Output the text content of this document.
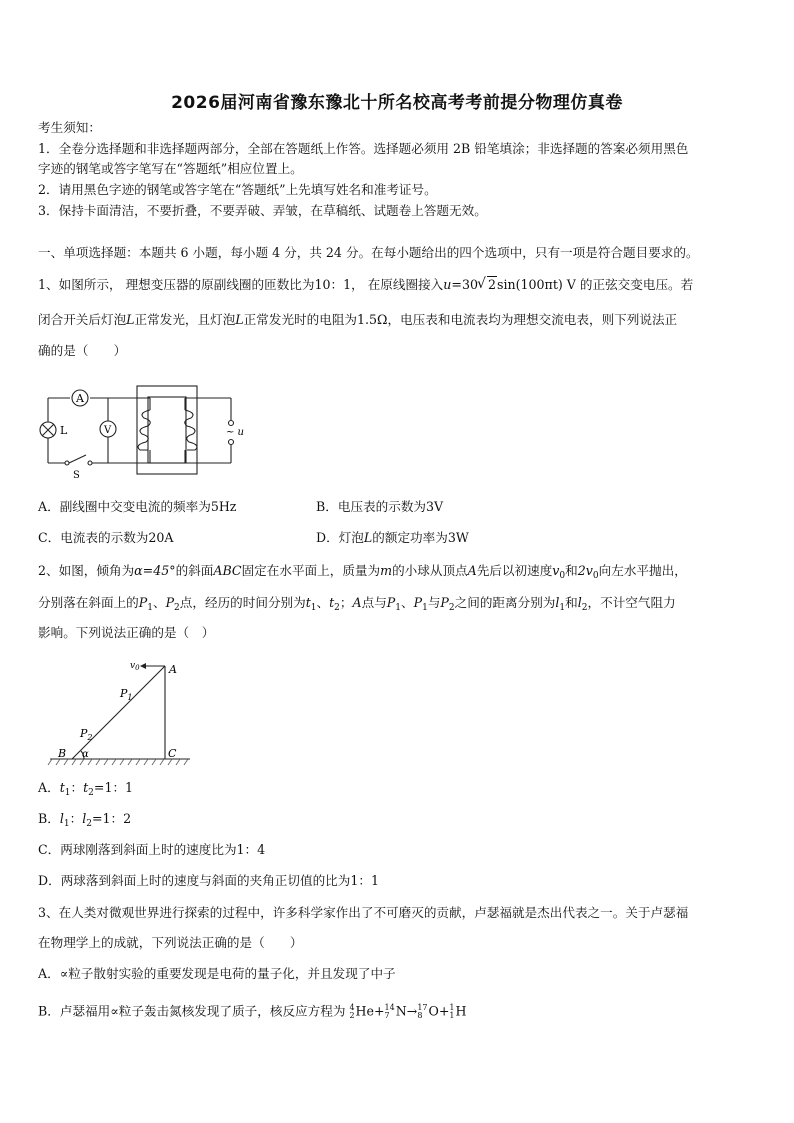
2026届河南省豫东豫北十所名校高考考前提分物理仿真卷
考生须知：
1．全卷分选择题和非选择题两部分，全部在答题纸上作答。选择题必须用 2B 铅笔填涂；非选择题的答案必须用黑色
字迹的钢笔或答字笔写在“答题纸”相应位置上。
2．请用黑色字迹的钢笔或答字笔在“答题纸”上先填写姓名和准考证号。
3．保持卡面清洁，不要折叠，不要弄破、弄皱，在草稿纸、试题卷上答题无效。
一、单项选择题：本题共 6 小题，每小题 4 分，共 24 分。在每小题给出的四个选项中，只有一项是符合题目要求的。
1、如图所示， 理想变压器的原副线圈的匝数比为10：1， 在原线圈接入u=30√ 2sin(100πt) V 的正弦交变电压。若
闭合开关后灯泡L正常发光，且灯泡L正常发光时的电阻为1.5Ω，电压表和电流表均为理想交流电表，则下列说法正
确的是（　　）
A
V
L
S
~ u
A．副线圈中交变电流的频率为5Hz	B．电压表的示数为3V
C．电流表的示数为20A	D．灯泡L的额定功率为3W
2、如图，倾角为α=45°的斜面ABC固定在水平面上，质量为m的小球从顶点A先后以初速度$v_0$和$2v_0$向左水平抛出，
分别落在斜面上的$P_1$、$P_2$点，经历的时间分别为$t_1$、$t_2$；A点与$P_1$、$P_1$与$P_2$之间的距离分别为$l_1$和$l_2$，不计空气阻力
影响。下列说法正确的是（　）
$v_0$	A
$P_1$
$P_2$
B α	C
A．$t_1$：$t_2=1$：1
B．$l_1$：$l_2=1$：2
C．两球刚落到斜面上时的速度比为1：4
D．两球落到斜面上时的速度与斜面的夹角正切值的比为1：1
3、在人类对微观世界进行探索的过程中，许多科学家作出了不可磨灭的贡献，卢瑟福就是杰出代表之一。关于卢瑟福
在物理学上的成就，下列说法正确的是（　　）
A．∝粒子散射实验的重要发现是电荷的量子化，并且发现了中子
B．卢瑟福用∝粒子轰击氮核发现了质子，核反应方程为 4
2 He+ 14
7 N→ 17
8 O+ 1
1 H
